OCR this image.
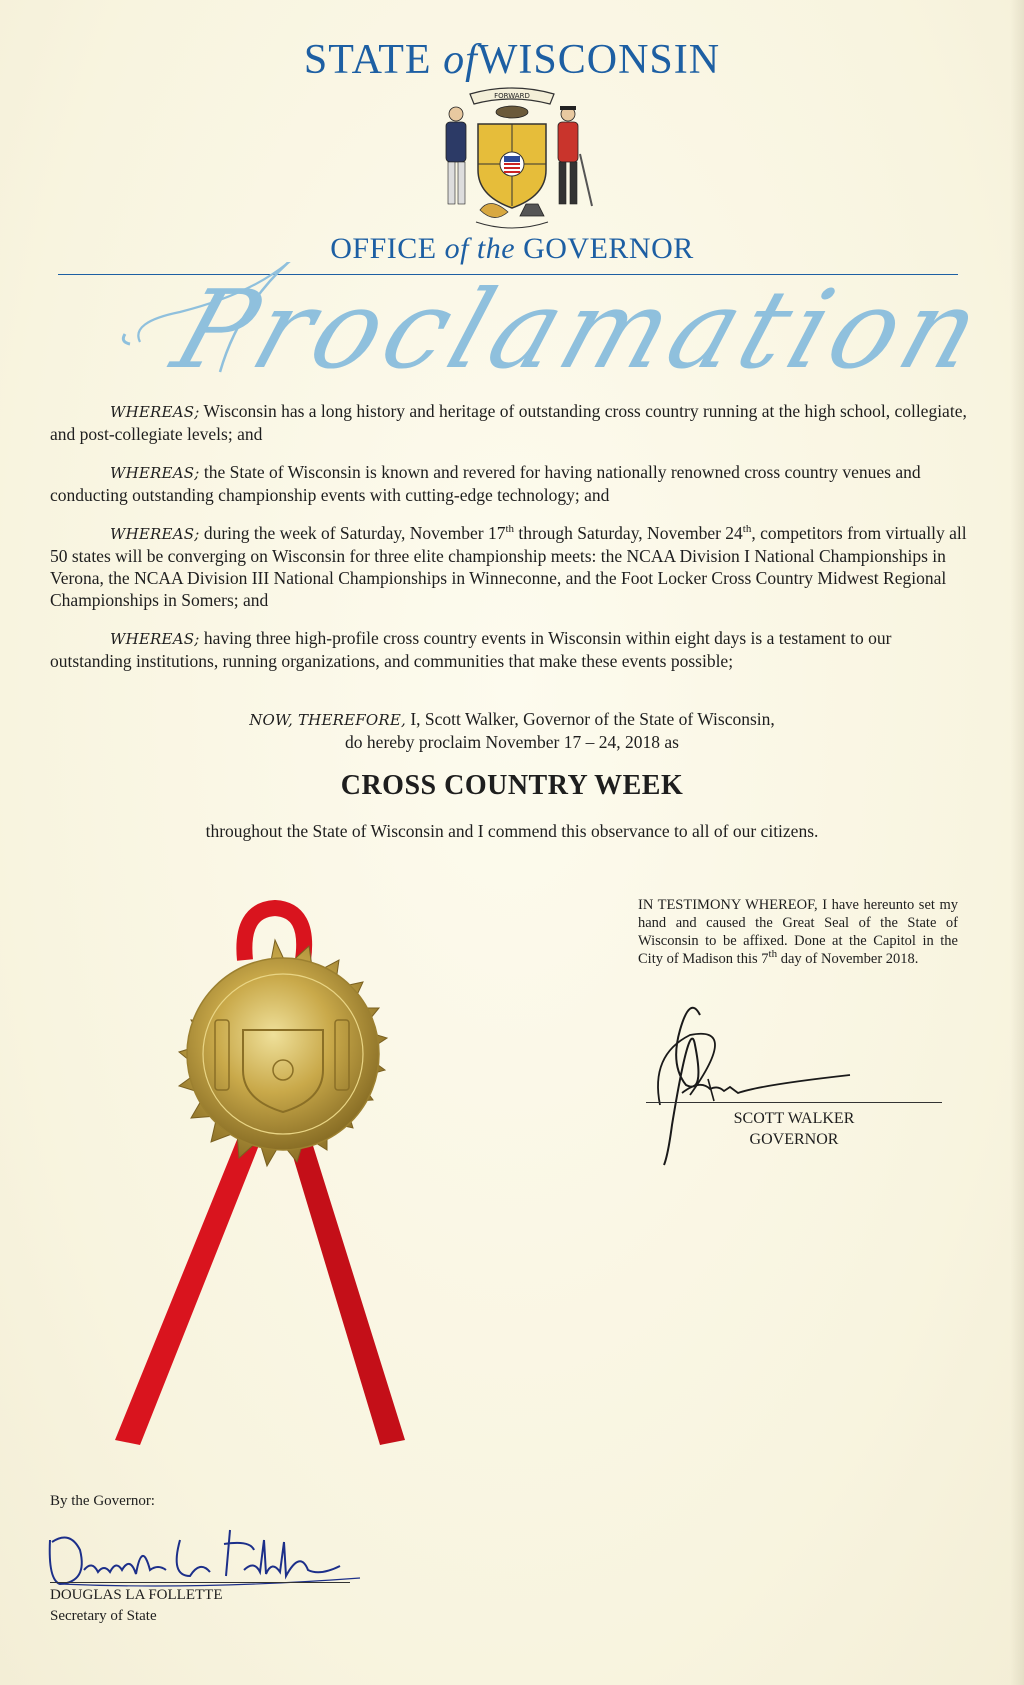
STATE ofWISCONSIN
FORWARD
OFFICE of the GOVERNOR
Proclamation

WHEREAS; Wisconsin has a long history and heritage of outstanding cross country running at the high school, collegiate, and post-collegiate levels; and

WHEREAS; the State of Wisconsin is known and revered for having nationally renowned cross country venues and conducting outstanding championship events with cutting-edge technology; and

WHEREAS; during the week of Saturday, November 17th through Saturday, November 24th, competitors from virtually all 50 states will be converging on Wisconsin for three elite championship meets: the NCAA Division I National Championships in Verona, the NCAA Division III National Championships in Winneconne, and the Foot Locker Cross Country Midwest Regional Championships in Somers; and

WHEREAS; having three high-profile cross country events in Wisconsin within eight days is a testament to our outstanding institutions, running organizations, and communities that make these events possible;

NOW, THEREFORE, I, Scott Walker, Governor of the State of Wisconsin,
do hereby proclaim November 17 – 24, 2018 as
CROSS COUNTRY WEEK
throughout the State of Wisconsin and I commend this observance to all of our citizens.
IN TESTIMONY WHEREOF, I have hereunto set my hand and caused the Great Seal of the State of Wisconsin to be affixed. Done at the Capitol in the City of Madison this 7th day of November 2018.
SCOTT WALKER
GOVERNOR
By the Governor:
DOUGLAS LA FOLLETTE
Secretary of State
